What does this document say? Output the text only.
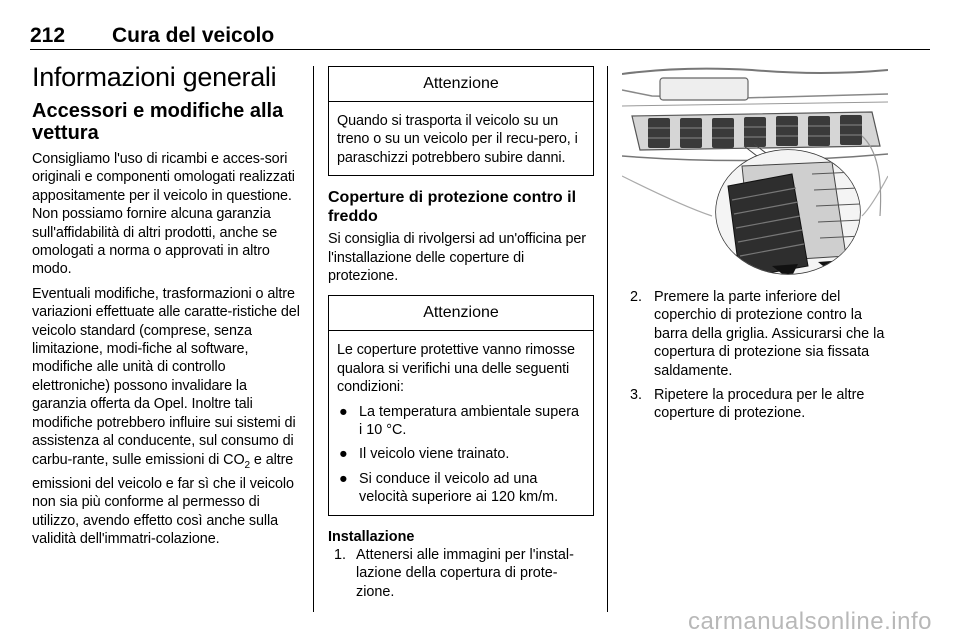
212 Cura del veicolo
Informazioni generali
Accessori e modifiche alla vettura

Consigliamo l'uso di ricambi e acces-sori originali e componenti omologati realizzati appositamente per il veicolo in questione. Non possiamo fornire alcuna garanzia sull'affidabilità di altri prodotti, anche se omologati a norma o approvati in altro modo.

Eventuali modifiche, trasformazioni o altre variazioni effettuate alle caratte-ristiche del veicolo standard (comprese, senza limitazione, modi-fiche al software, modifiche alle unità di controllo elettroniche) possono invalidare la garanzia offerta da Opel. Inoltre tali modifiche potrebbero influire sui sistemi di assistenza al conducente, sul consumo di carbu-rante, sulle emissioni di $CO_2$ e altre emissioni del veicolo e far sì che il veicolo non sia più conforme al permesso di utilizzo, avendo effetto così anche sulla validità dell'immatri-colazione.

Attenzione

Quando si trasporta il veicolo su un treno o su un veicolo per il recu-pero, i paraschizzi potrebbero subire danni.

Coperture di protezione contro il freddo

Si consiglia di rivolgersi ad un'officina per l'installazione delle coperture di protezione.

Attenzione

Le coperture protettive vanno rimosse qualora si verifichi una delle seguenti condizioni:

● La temperatura ambientale supera i 10 °C.
● Il veicolo viene trainato.
● Si conduce il veicolo ad una velocità superiore ai 120 km/m.
Installazione
1. Attenersi alle immagini per l'instal-lazione della copertura di prote-zione.
2. Premere la parte inferiore del coperchio di protezione contro la barra della griglia. Assicurarsi che la copertura di protezione sia fissata saldamente.
3. Ripetere la procedura per le altre coperture di protezione.
carmanualsonline.info
